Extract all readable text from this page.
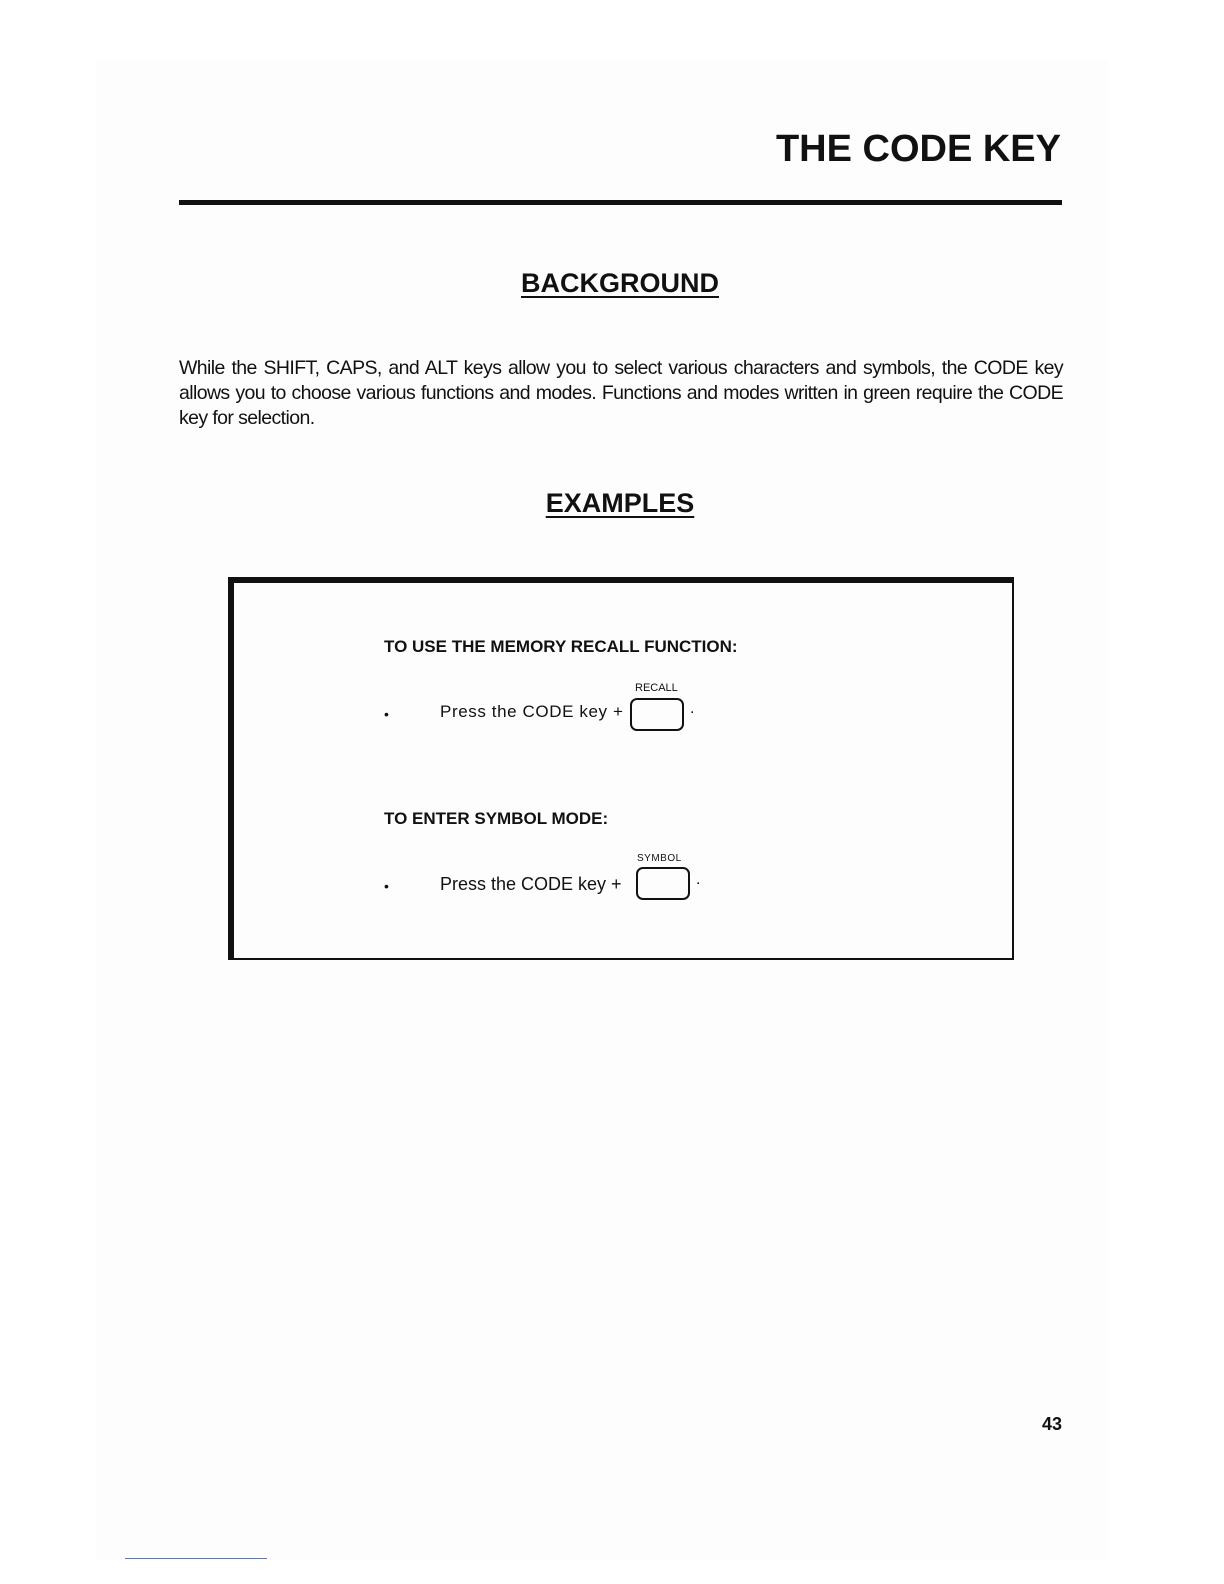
THE CODE KEY
BACKGROUND

While the SHIFT, CAPS, and ALT keys allow you to select various characters and symbols, the CODE key allows you to choose various functions and modes. Functions and modes written in green require the CODE key for selection.

EXAMPLES
TO USE THE MEMORY RECALL FUNCTION:
•	Press the CODE key +
RECALL
.
TO ENTER SYMBOL MODE:
•	Press the CODE key +
SYMBOL
.
43
